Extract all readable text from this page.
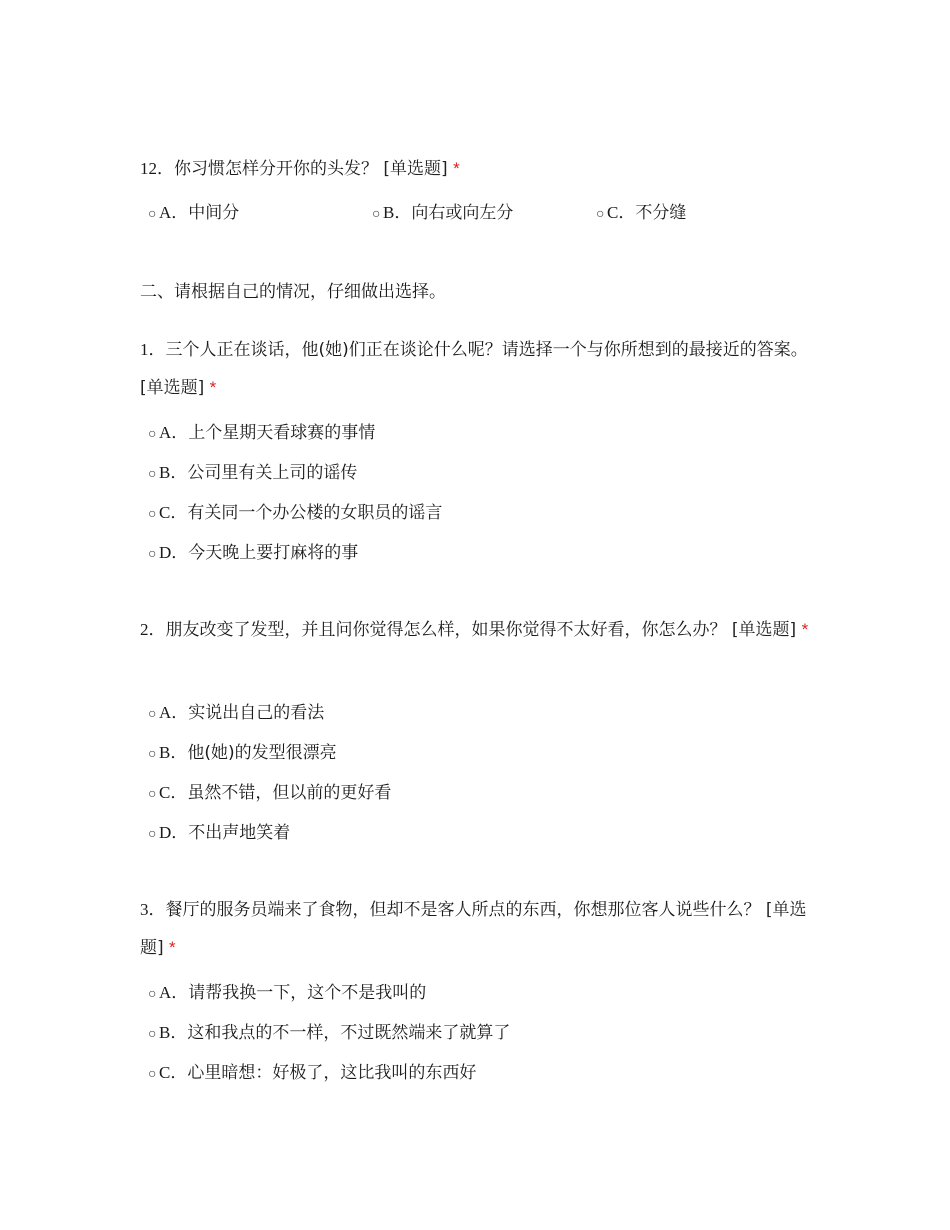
12．你习惯怎样分开你的头发？ [单选题] *
○ A．中间分	○ B．向右或向左分	○ C．不分缝
二、请根据自己的情况，仔细做出选择。
1．三个人正在谈话，他(她)们正在谈论什么呢？请选择一个与你所想到的最接近的答案。 [单选题] *
○ A．上个星期天看球赛的事情
○ B．公司里有关上司的谣传
○ C．有关同一个办公楼的女职员的谣言
○ D．今天晚上要打麻将的事
2．朋友改变了发型，并且问你觉得怎么样，如果你觉得不太好看，你怎么办？ [单选题] *
○ A．实说出自己的看法
○ B．他(她)的发型很漂亮
○ C．虽然不错，但以前的更好看
○ D．不出声地笑着
3．餐厅的服务员端来了食物，但却不是客人所点的东西，你想那位客人说些什么？ [单选题] *
○ A．请帮我换一下，这个不是我叫的
○ B．这和我点的不一样，不过既然端来了就算了
○ C．心里暗想：好极了，这比我叫的东西好
